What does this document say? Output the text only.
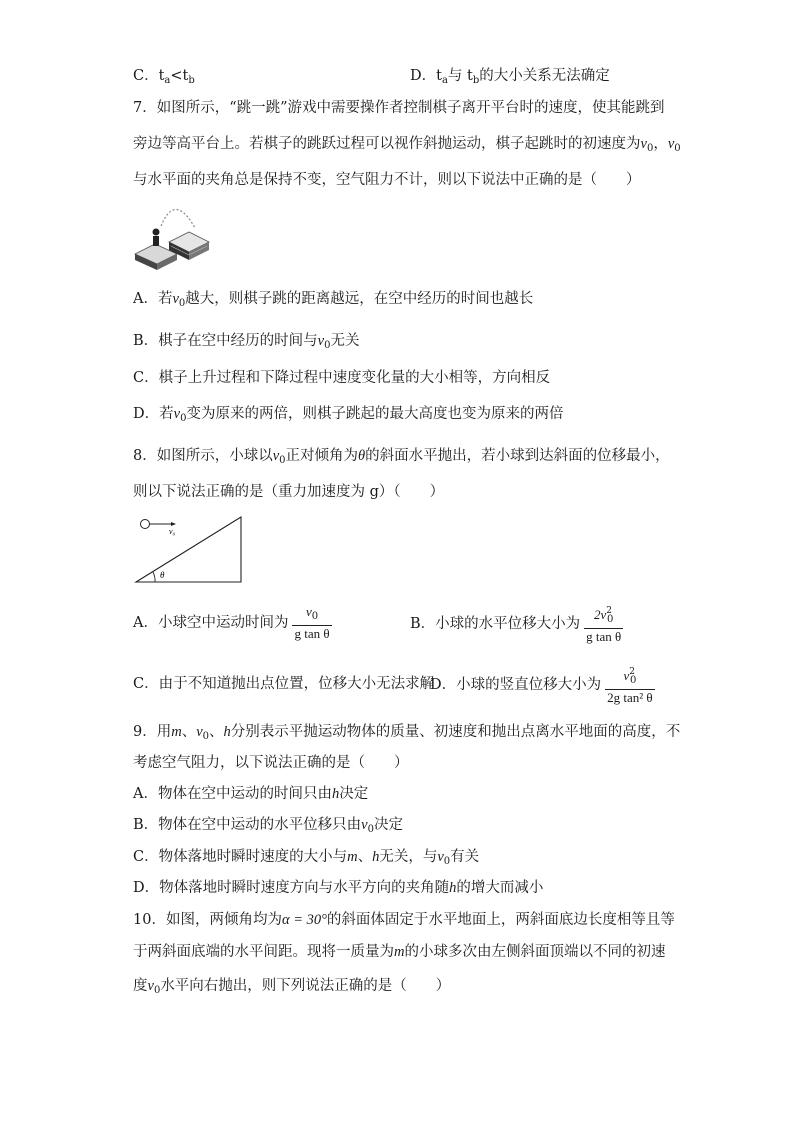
C．$t_a<t_b$	D．$t_a$与 $t_b$的大小关系无法确定
7．如图所示，“跳一跳”游戏中需要操作者控制棋子离开平台时的速度，使其能跳到
旁边等高平台上。若棋子的跳跃过程可以视作斜抛运动，棋子起跳时的初速度为$v_0$，$v_0$
与水平面的夹角总是保持不变，空气阻力不计，则以下说法中正确的是（　　）
A．若$v_0$越大，则棋子跳的距离越远，在空中经历的时间也越长
B．棋子在空中经历的时间与$v_0$无关
C．棋子上升过程和下降过程中速度变化量的大小相等，方向相反
D．若$v_0$变为原来的两倍，则棋子跳起的最大高度也变为原来的两倍
8．如图所示，小球以$v_0$正对倾角为θ的斜面水平抛出，若小球到达斜面的位移最小，
则以下说法正确的是（重力加速度为 g）（　　）
v₀
θ
A．小球空中运动时间为 $\frac{v_0}{\text{g tan θ}}$	B．小球的水平位移大小为 $\frac{2v^2_0}{\text{g tan θ}}$
C．由于不知道抛出点位置，位移大小无法求解
D．小球的竖直位移大小为 $\frac{v^2_0}{\text{2g tan² θ}}$
9．用m、$v_0$、h分别表示平抛运动物体的质量、初速度和抛出点离水平地面的高度，不
考虑空气阻力，以下说法正确的是（　　）
A．物体在空中运动的时间只由h决定
B．物体在空中运动的水平位移只由$v_0$决定
C．物体落地时瞬时速度的大小与m、h无关，与$v_0$有关
D．物体落地时瞬时速度方向与水平方向的夹角随h的增大而减小
10．如图，两倾角均为α = 30°的斜面体固定于水平地面上，两斜面底边长度相等且等
于两斜面底端的水平间距。现将一质量为m的小球多次由左侧斜面顶端以不同的初速
度$v_0$水平向右抛出，则下列说法正确的是（　　）
